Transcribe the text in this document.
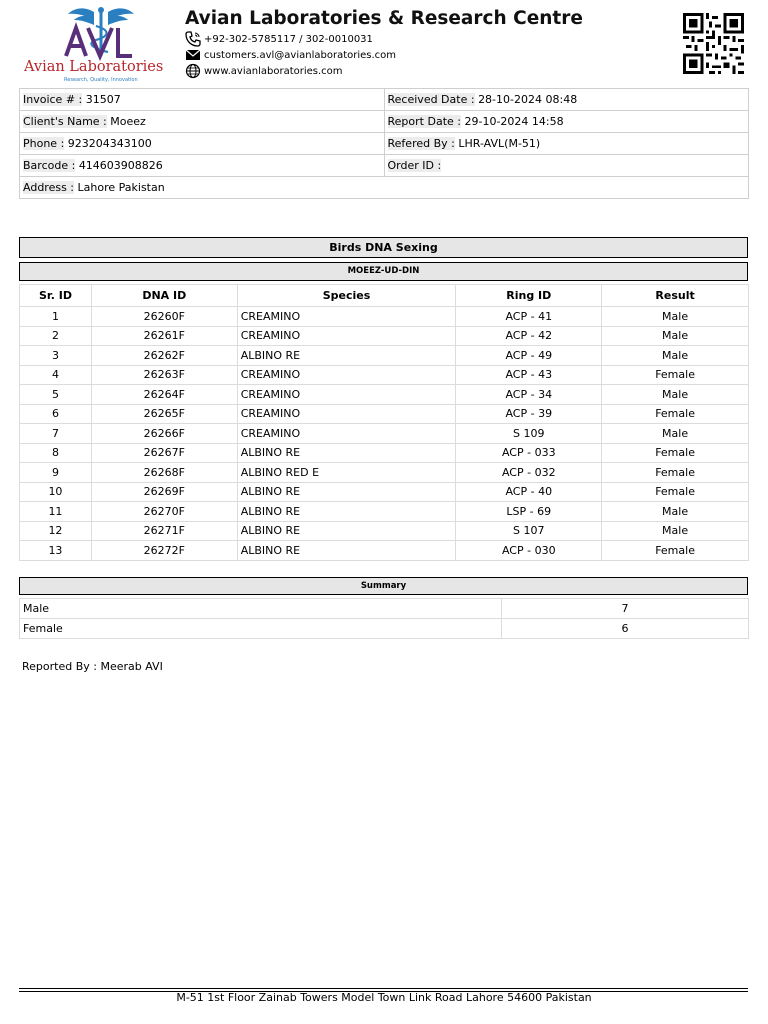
Avian Laboratories
Research, Quality, Innovation
Avian Laboratories & Research Centre
+92-302-5785117 / 302-0010031
customers.avl@avianlaboratories.com
www.avianlaboratories.com
Invoice # : 31507	Received Date : 28-10-2024 08:48
Client's Name : Moeez	Report Date : 29-10-2024 14:58
Phone : 923204343100	Refered By : LHR-AVL(M-51)
Barcode : 414603908826	Order ID :
Address : Lahore Pakistan	
Birds DNA Sexing
MOEEZ-UD-DIN
Sr. ID	DNA ID	Species	Ring ID	Result
1	26260F	CREAMINO	ACP - 41	Male
2	26261F	CREAMINO	ACP - 42	Male
3	26262F	ALBINO RE	ACP - 49	Male
4	26263F	CREAMINO	ACP - 43	Female
5	26264F	CREAMINO	ACP - 34	Male
6	26265F	CREAMINO	ACP - 39	Female
7	26266F	CREAMINO	S 109	Male
8	26267F	ALBINO RE	ACP - 033	Female
9	26268F	ALBINO RED E	ACP - 032	Female
10	26269F	ALBINO RE	ACP - 40	Female
11	26270F	ALBINO RE	LSP - 69	Male
12	26271F	ALBINO RE	S 107	Male
13	26272F	ALBINO RE	ACP - 030	Female
Summary
Male	7
Female	6
Reported By : Meerab AVI
M-51 1st Floor Zainab Towers Model Town Link Road Lahore 54600 Pakistan
